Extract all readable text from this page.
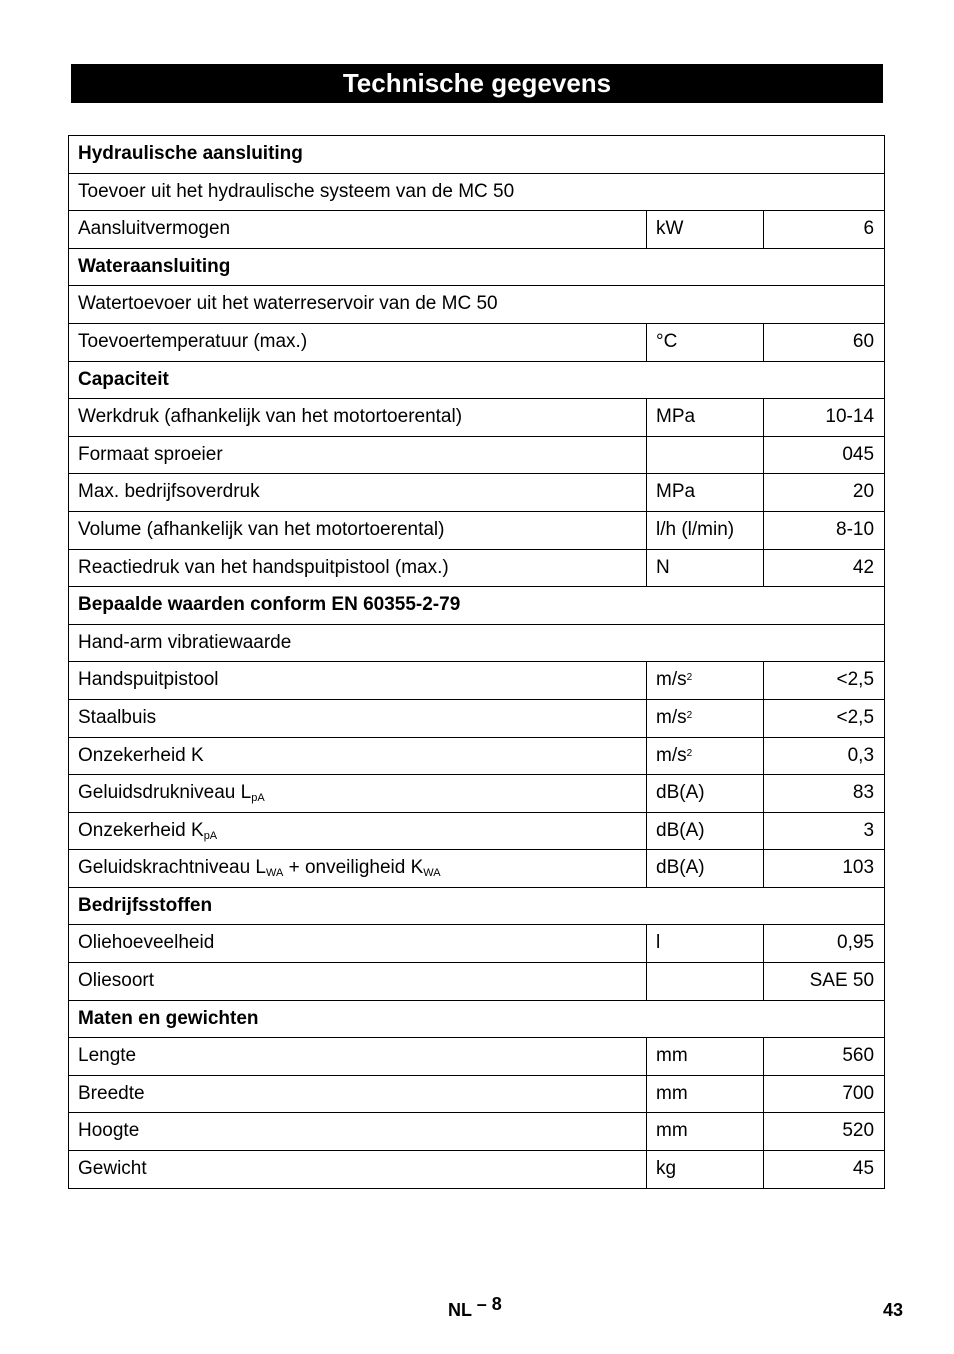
Technische gegevens
Hydraulische aansluiting		
Toevoer uit het hydraulische systeem van de MC 50		
Aansluitvermogen	kW	6
Wateraansluiting		
Watertoevoer uit het waterreservoir van de MC 50		
Toevoertemperatuur (max.)	°C	60
Capaciteit		
Werkdruk (afhankelijk van het motortoerental)	MPa	10-14
Formaat sproeier		045
Max. bedrijfsoverdruk	MPa	20
Volume (afhankelijk van het motortoerental)	l/h (l/min)	8-10
Reactiedruk van het handspuitpistool (max.)	N	42
Bepaalde waarden conform EN 60355-2-79		
Hand-arm vibratiewaarde		
Handspuitpistool	$m/s^2$	<2,5
Staalbuis	$m/s^2$	<2,5
Onzekerheid K	$m/s^2$	0,3
Geluidsdrukniveau $L_{pA}$	dB(A)	83
Onzekerheid $K_{pA}$	dB(A)	3
Geluidskrachtniveau $L_{WA}$ + onveiligheid $K_{WA}$	dB(A)	103
Bedrijfsstoffen		
Oliehoeveelheid	l	0,95
Oliesoort		SAE 50
Maten en gewichten		
Lengte	mm	560
Breedte	mm	700
Hoogte	mm	520
Gewicht	kg	45
NL – 8	43
